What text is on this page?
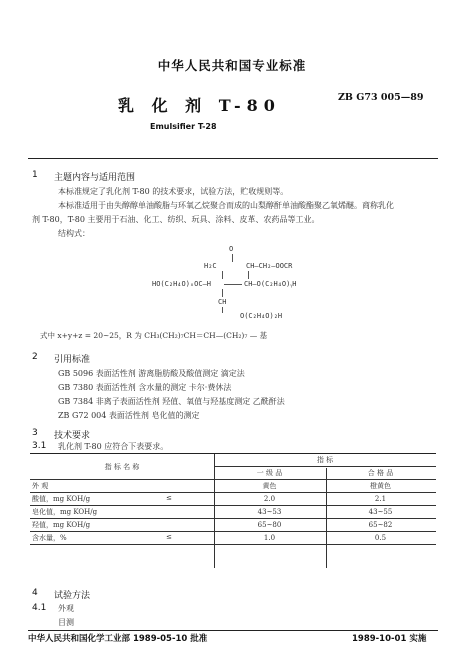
中华人民共和国专业标准
乳 化 剂 T-80	ZB G73 005—89
Emulsifier T-28
1 主题内容与适用范围
本标准规定了乳化剂 T-80 的技术要求，试验方法，贮收规则等。
本标准适用于由失醇醇单油酸脂与环氧乙烷聚合而成的山梨醇酐单油酸酯聚乙氧烯醚。商称乳化
剂 T-80，T-80 主要用于石油、化工、纺织、玩具、涂料、皮革、农药品等工业。
结构式：
O
H₂C	CH—CH₂—OOCR
HO(C₂H₄O)ₓOC—H	CH—O(C₂H₄O)ᵧH
CH
O(C₂H₄O)₂H
式中 x+y+z = 20~25，R 为 CH₃(CH₂)₇CH＝CH—(CH₂)₇ — 基
2 引用标准
GB 5096 表面活性剂 游离脂肪酸及酸值测定 滴定法
GB 7380 表面活性剂 含水量的测定 卡尔·费休法
GB 7384 非离子表面活性剂 羟值、氧值与羟基度测定 乙酰酐法
ZB G72 004 表面活性剂 皂化值的测定
3 技术要求
3.1 乳化剂 T-80 应符合下表要求。
指 标 名 称	指 标	
	一 级 品	合 格 品
外 观	黄色	橙黄色
酸值，mg KOH/g ≤	2.0	2.1
皂化值，mg KOH/g	43~53	43~55
羟值，mg KOH/g	65~80	65~82
含水量，% ≤	1.0	0.5
4 试验方法
4.1 外观
目测
中华人民共和国化学工业部 1989-05-10 批准	1989-10-01 实施
